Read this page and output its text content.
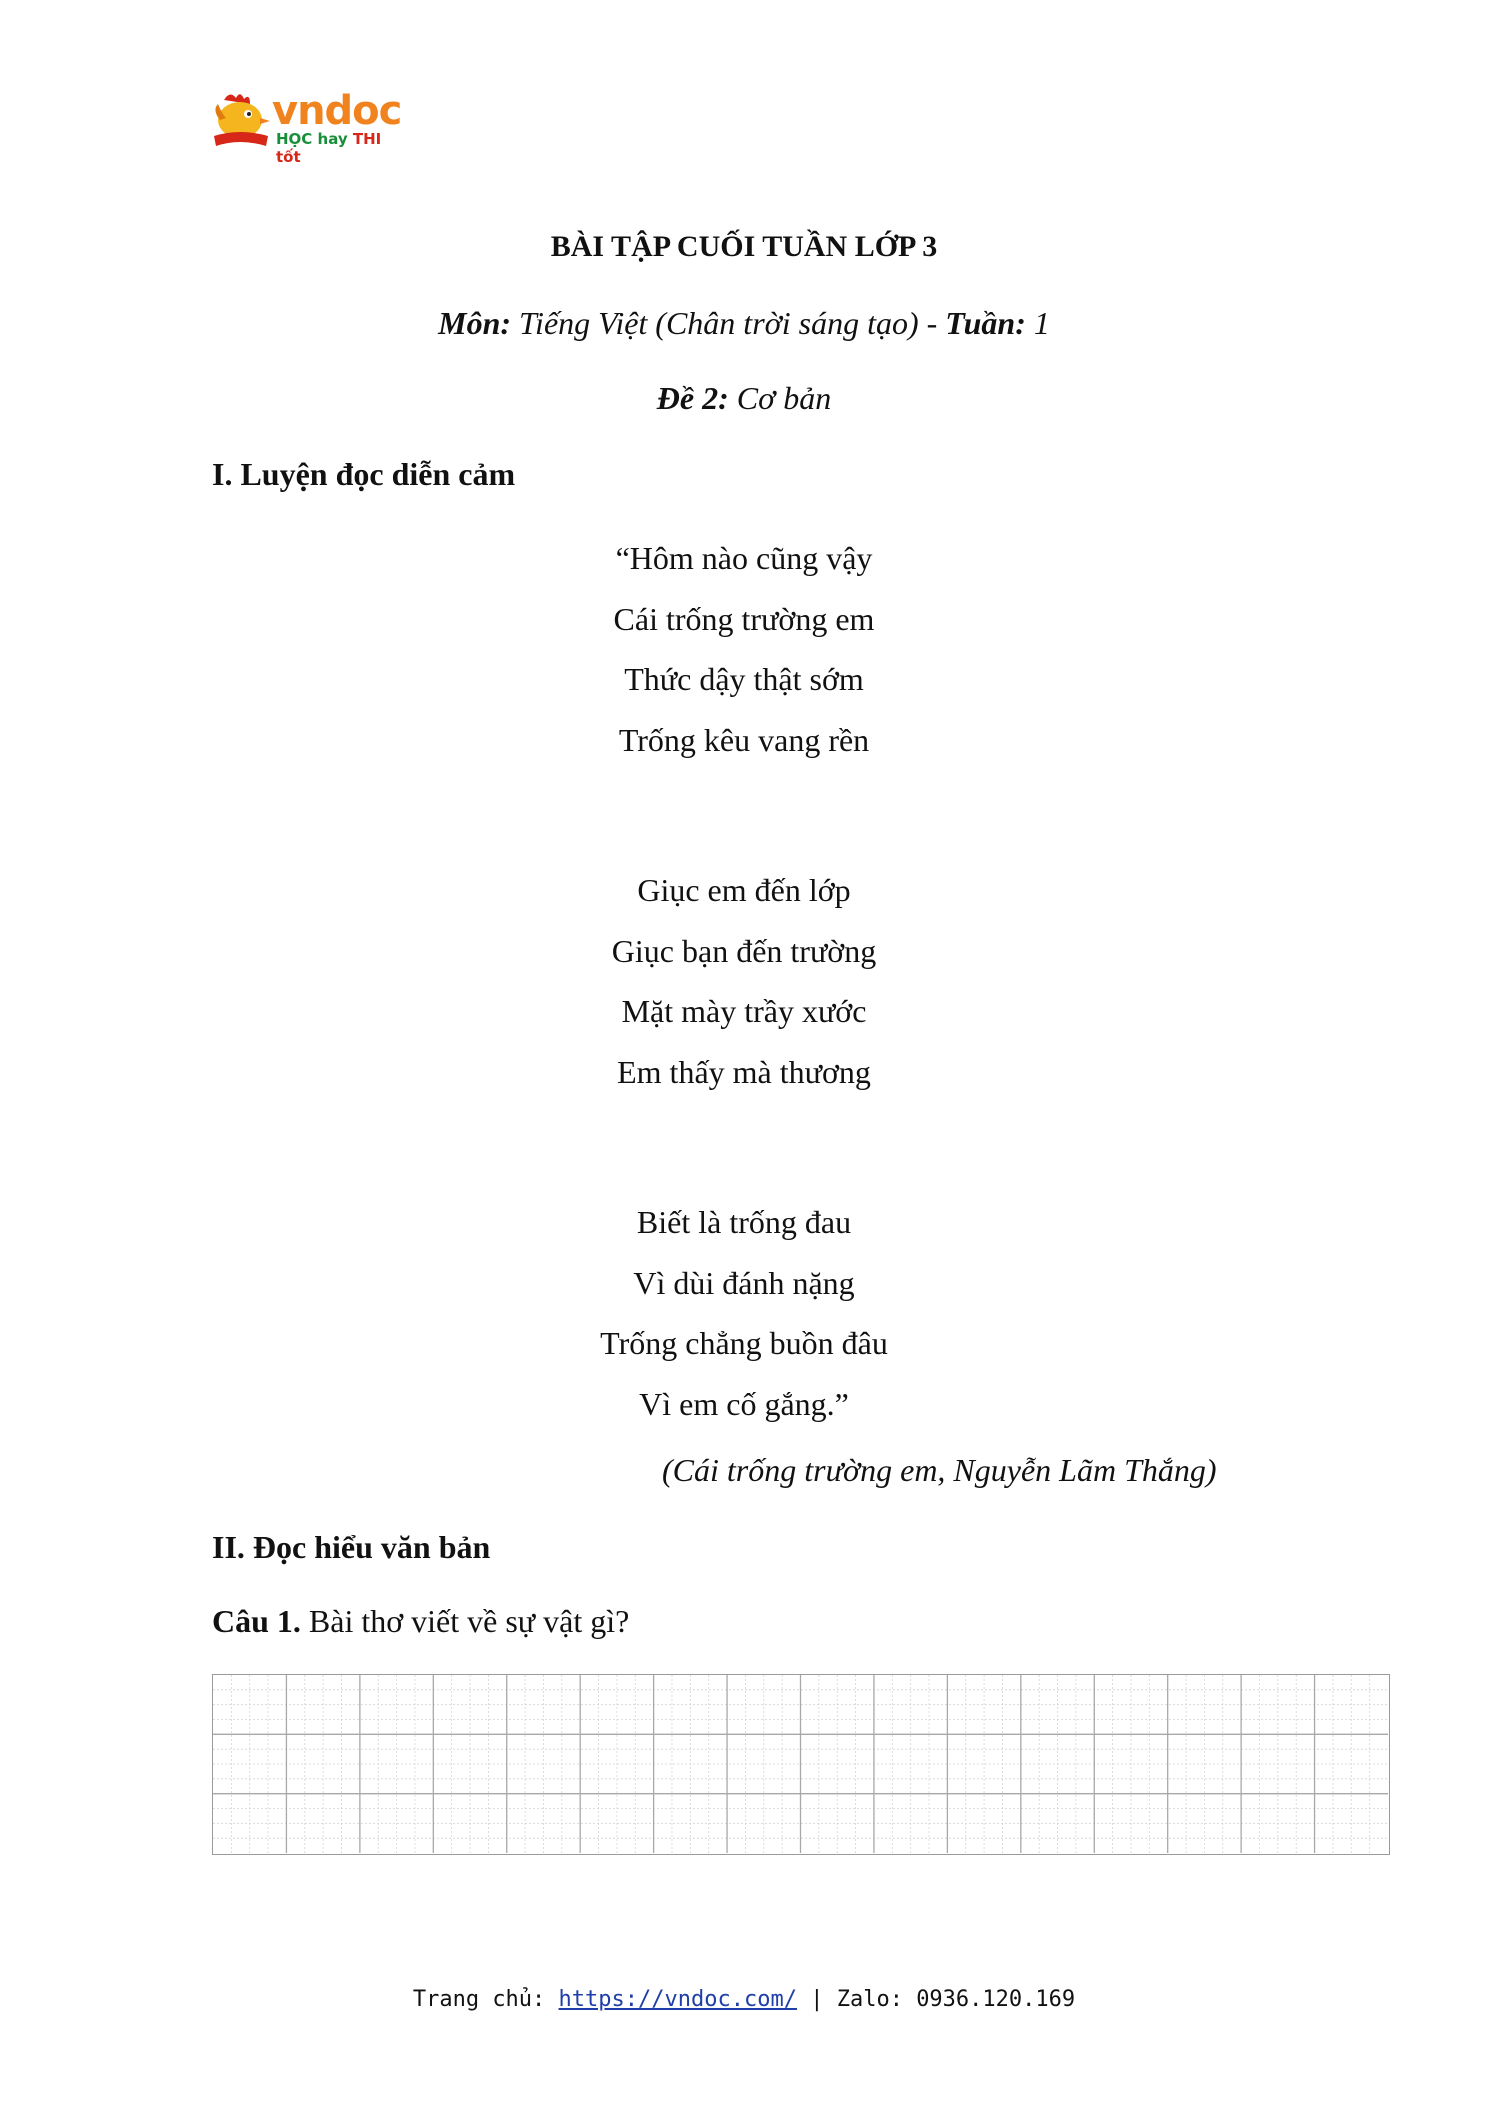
vndoc
HỌC hay THI tốt
BÀI TẬP CUỐI TUẦN LỚP 3
Môn: Tiếng Việt (Chân trời sáng tạo) - Tuần: 1
Đề 2: Cơ bản
I. Luyện đọc diễn cảm
“Hôm nào cũng vậy
Cái trống trường em
Thức dậy thật sớm
Trống kêu vang rền
Giục em đến lớp
Giục bạn đến trường
Mặt mày trầy xước
Em thấy mà thương
Biết là trống đau
Vì dùi đánh nặng
Trống chẳng buồn đâu
Vì em cố gắng.”
(Cái trống trường em, Nguyễn Lãm Thắng)
II. Đọc hiểu văn bản
Câu 1. Bài thơ viết về sự vật gì?
Trang chủ: https://vndoc.com/ | Zalo: 0936.120.169
